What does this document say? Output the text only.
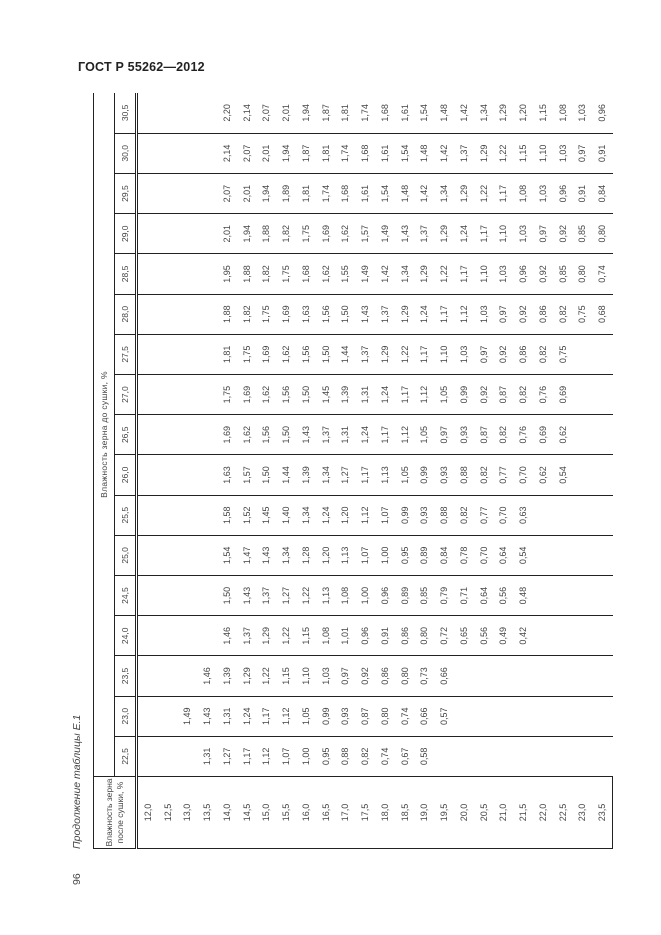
ГОСТ Р 55262—2012
96
Продолжение таблицы Е.1 Влажность зерна после сушки, %	Влажность зерна до сушки, %																
	22,5	23,0	23,5	24,0	24,5	25,0	25,5	26,0	26,5	27,0	27,5	28,0	28,5	29,0	29,5	30,0	30,5
12,0																	
12,5																	
13,0		1,49															
13,5	1,31	1,43	1,46														
14,0	1,27	1,31	1,39	1,46	1,50	1,54	1,58	1,63	1,69	1,75	1,81	1,88	1,95	2,01	2,07	2,14	2,20
14,5	1,17	1,24	1,29	1,37	1,43	1,47	1,52	1,57	1,62	1,69	1,75	1,82	1,88	1,94	2,01	2,07	2,14
15,0	1,12	1,17	1,22	1,29	1,37	1,43	1,45	1,50	1,56	1,62	1,69	1,75	1,82	1,88	1,94	2,01	2,07
15,5	1,07	1,12	1,15	1,22	1,27	1,34	1,40	1,44	1,50	1,56	1,62	1,69	1,75	1,82	1,89	1,94	2,01
16,0	1,00	1,05	1,10	1,15	1,22	1,28	1,34	1,39	1,43	1,50	1,56	1,63	1,68	1,75	1,81	1,87	1,94
16,5	0,95	0,99	1,03	1,08	1,13	1,20	1,24	1,34	1,37	1,45	1,50	1,56	1,62	1,69	1,74	1,81	1,87
17,0	0,88	0,93	0,97	1,01	1,08	1,13	1,20	1,27	1,31	1,39	1,44	1,50	1,55	1,62	1,68	1,74	1,81
17,5	0,82	0,87	0,92	0,96	1,00	1,07	1,12	1,17	1,24	1,31	1,37	1,43	1,49	1,57	1,61	1,68	1,74
18,0	0,74	0,80	0,86	0,91	0,96	1,00	1,07	1,13	1,17	1,24	1,29	1,37	1,42	1,49	1,54	1,61	1,68
18,5	0,67	0,74	0,80	0,86	0,89	0,95	0,99	1,05	1,12	1,17	1,22	1,29	1,34	1,43	1,48	1,54	1,61
19,0	0,58	0,66	0,73	0,80	0,85	0,89	0,93	0,99	1,05	1,12	1,17	1,24	1,29	1,37	1,42	1,48	1,54
19,5		0,57	0,66	0,72	0,79	0,84	0,88	0,93	0,97	1,05	1,10	1,17	1,22	1,29	1,34	1,42	1,48
20,0				0,65	0,71	0,78	0,82	0,88	0,93	0,99	1,03	1,12	1,17	1,24	1,29	1,37	1,42
20,5				0,56	0,64	0,70	0,77	0,82	0,87	0,92	0,97	1,03	1,10	1,17	1,22	1,29	1,34
21,0				0,49	0,56	0,64	0,70	0,77	0,82	0,87	0,92	0,97	1,03	1,10	1,17	1,22	1,29
21,5				0,42	0,48	0,54	0,63	0,70	0,76	0,82	0,86	0,92	0,96	1,03	1,08	1,15	1,20
22,0								0,62	0,69	0,76	0,82	0,86	0,92	0,97	1,03	1,10	1,15
22,5								0,54	0,62	0,69	0,75	0,82	0,85	0,92	0,96	1,03	1,08
23,0												0,75	0,80	0,85	0,91	0,97	1,03
23,5												0,68	0,74	0,80	0,84	0,91	0,96
